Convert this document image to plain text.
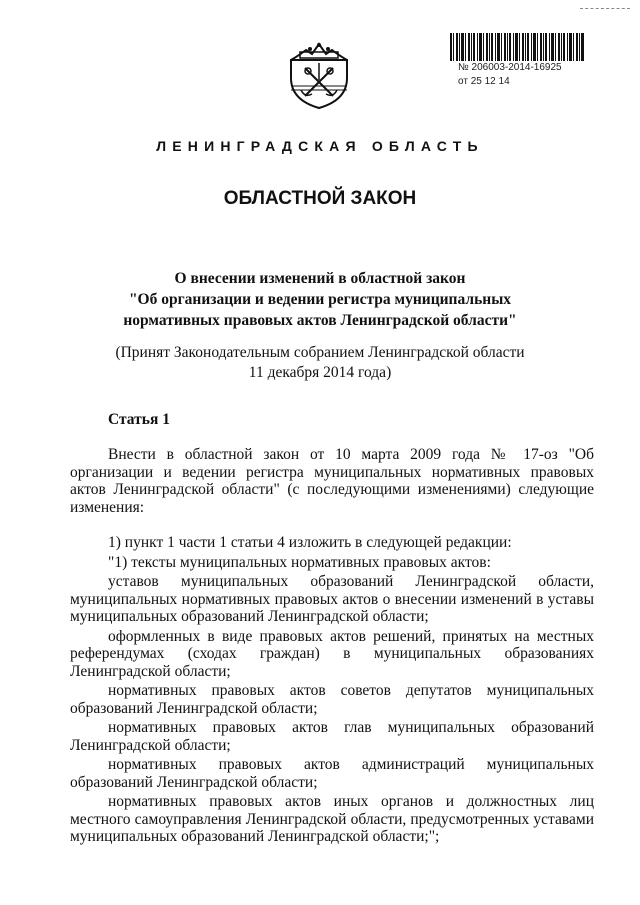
№ 206003-2014-16925
от 25 12 14
ЛЕНИНГРАДСКАЯ ОБЛАСТЬ
ОБЛАСТНОЙ ЗАКОН
О внесении изменений в областной закон
"Об организации и ведении регистра муниципальных
нормативных правовых актов Ленинградской области"
(Принят Законодательным собранием Ленинградской области
11 декабря 2014 года)
Статья 1

Внести в областной закон от 10 марта 2009 года № 17-оз "Об организации и ведении регистра муниципальных нормативных правовых актов Ленинградской области" (с последующими изменениями) следующие изменения:

1) пункт 1 части 1 статьи 4 изложить в следующей редакции:

"1) тексты муниципальных нормативных правовых актов:

уставов муниципальных образований Ленинградской области, муниципальных нормативных правовых актов о внесении изменений в уставы муниципальных образований Ленинградской области;

оформленных в виде правовых актов решений, принятых на местных референдумах (сходах граждан) в муниципальных образованиях Ленинградской области;

нормативных правовых актов советов депутатов муниципальных образований Ленинградской области;

нормативных правовых актов глав муниципальных образований Ленинградской области;

нормативных правовых актов администраций муниципальных образований Ленинградской области;

нормативных правовых актов иных органов и должностных лиц местного самоуправления Ленинградской области, предусмотренных уставами муниципальных образований Ленинградской области;";
